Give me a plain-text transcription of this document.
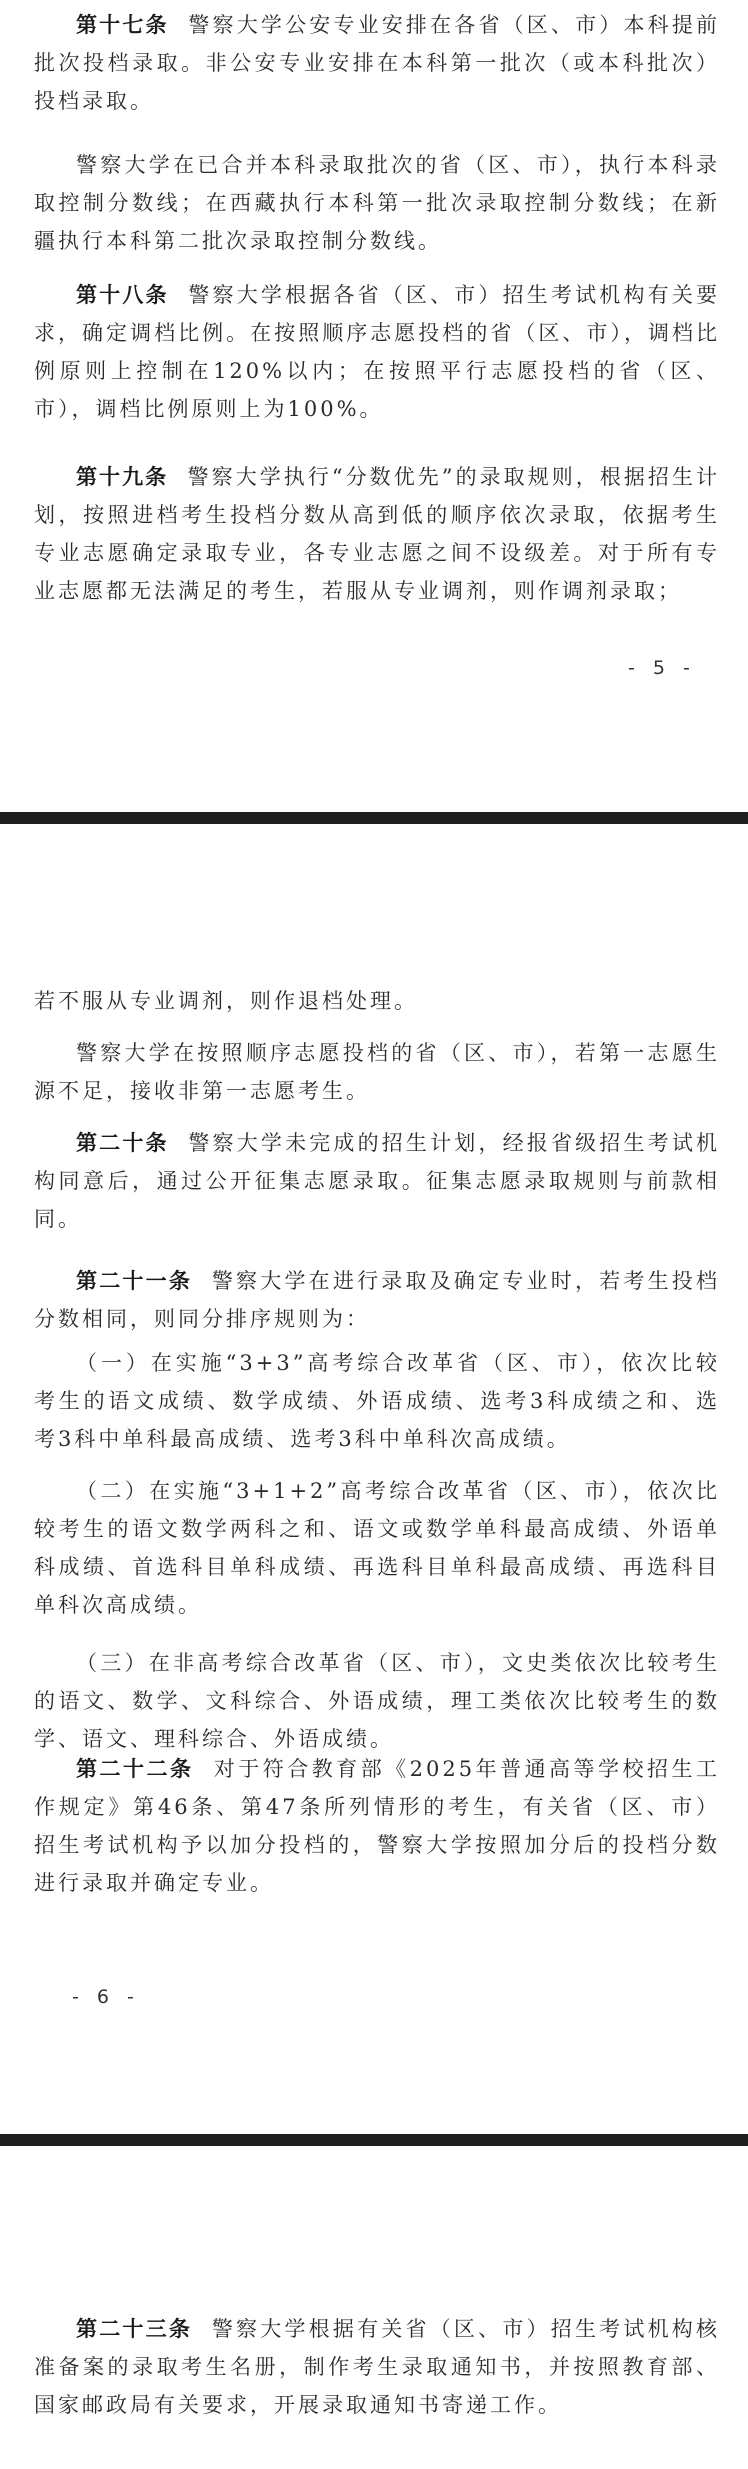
第十七条 警察大学公安专业安排在各省（区、市）本科提前批次投档录取。非公安专业安排在本科第一批次（或本科批次）投档录取。

警察大学在已合并本科录取批次的省（区、市），执行本科录取控制分数线；在西藏执行本科第一批次录取控制分数线；在新疆执行本科第二批次录取控制分数线。

第十八条 警察大学根据各省（区、市）招生考试机构有关要求，确定调档比例。在按照顺序志愿投档的省（区、市），调档比例原则上控制在120%以内；在按照平行志愿投档的省（区、市），调档比例原则上为100%。

第十九条 警察大学执行“分数优先”的录取规则，根据招生计划，按照进档考生投档分数从高到低的顺序依次录取，依据考生专业志愿确定录取专业，各专业志愿之间不设级差。对于所有专业志愿都无法满足的考生，若服从专业调剂，则作调剂录取；

- 5 -

若不服从专业调剂，则作退档处理。

警察大学在按照顺序志愿投档的省（区、市），若第一志愿生源不足，接收非第一志愿考生。

第二十条 警察大学未完成的招生计划，经报省级招生考试机构同意后，通过公开征集志愿录取。征集志愿录取规则与前款相同。

第二十一条 警察大学在进行录取及确定专业时，若考生投档分数相同，则同分排序规则为：

（一）在实施“3+3”高考综合改革省（区、市），依次比较考生的语文成绩、数学成绩、外语成绩、选考3科成绩之和、选考3科中单科最高成绩、选考3科中单科次高成绩。

（二）在实施“3+1+2”高考综合改革省（区、市），依次比较考生的语文数学两科之和、语文或数学单科最高成绩、外语单科成绩、首选科目单科成绩、再选科目单科最高成绩、再选科目单科次高成绩。

（三）在非高考综合改革省（区、市），文史类依次比较考生的语文、数学、文科综合、外语成绩，理工类依次比较考生的数学、语文、理科综合、外语成绩。

第二十二条 对于符合教育部《2025年普通高等学校招生工作规定》第46条、第47条所列情形的考生，有关省（区、市）招生考试机构予以加分投档的，警察大学按照加分后的投档分数进行录取并确定专业。

- 6 -

第二十三条 警察大学根据有关省（区、市）招生考试机构核准备案的录取考生名册，制作考生录取通知书，并按照教育部、国家邮政局有关要求，开展录取通知书寄递工作。
